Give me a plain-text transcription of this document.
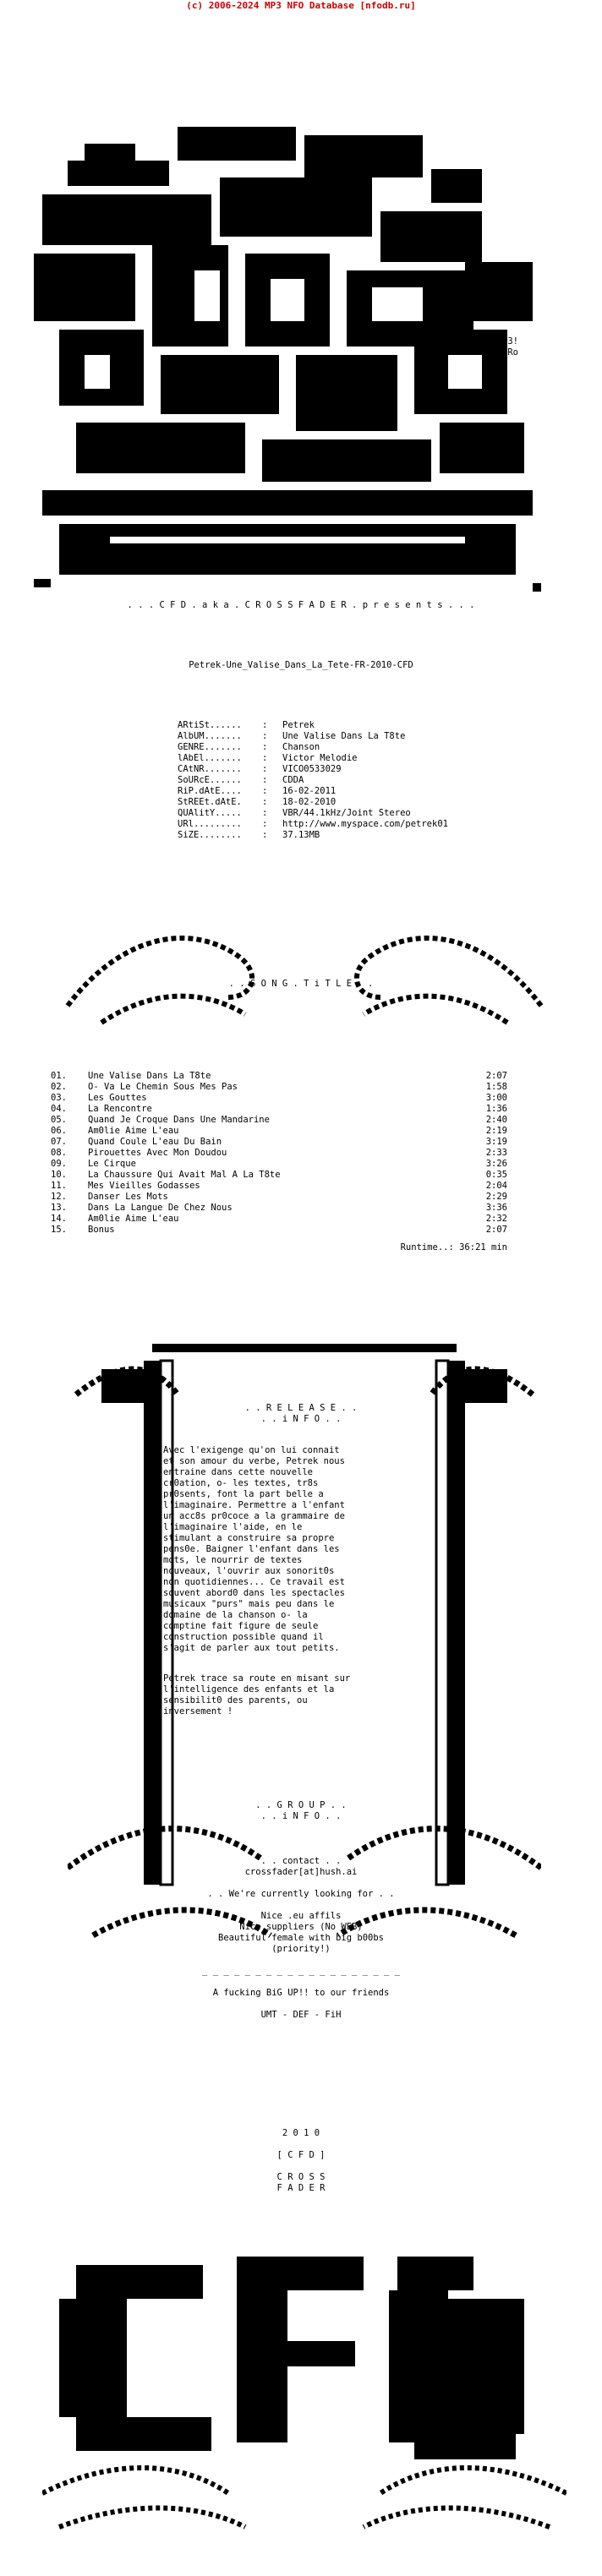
(c) 2006-2024 MP3 NFO Database [nfodb.ru]
f3!
cRo
. . . C F D . a k a . C R O S S F A D E R . p r e s e n t s . . .
Petrek-Une_Valise_Dans_La_Tete-FR-2010-CFD
ARtiSt......	:	Petrek
AlbUM.......	:	Une Valise Dans La T8te
GENRE.......	:	Chanson
lAbEl.......	:	Victor Melodie
CAtNR.......	:	VICO0533029
SoURcE......	:	CDDA
RiP.dAtE....	:	16-02-2011
StREEt.dAtE.	:	18-02-2010
QUAlitY.....	:	VBR/44.1kHz/Joint Stereo
URl.........	:	http://www.myspace.com/petrek01
SiZE........	:	37.13MB
. . S O N G . T i T L E . .
01.	Une Valise Dans La T8te	2:07
02.	O- Va Le Chemin Sous Mes Pas	1:58
03.	Les Gouttes	3:00
04.	La Rencontre	1:36
05.	Quand Je Croque Dans Une Mandarine	2:40
06.	Am0lie Aime L'eau	2:19
07.	Quand Coule L'eau Du Bain	3:19
08.	Pirouettes Avec Mon Doudou	2:33
09.	Le Cirque	3:26
10.	La Chaussure Qui Avait Mal A La T8te	0:35
11.	Mes Vieilles Godasses	2:04
12.	Danser Les Mots	2:29
13.	Dans La Langue De Chez Nous	3:36
14.	Am0lie Aime L'eau	2:32
15.	Bonus	2:07
Runtime..: 36:21 min
. . R E L E A S E . .
. . i N F O . .
Avec l'exigenge qu'on lui connait
et son amour du verbe, Petrek nous
entraine dans cette nouvelle
cr0ation, o- les textes, tr8s
pr0sents, font la part belle a
l'imaginaire. Permettre a l'enfant
un acc8s pr0coce a la grammaire de
l'imaginaire l'aide, en le
stimulant a construire sa propre
pens0e. Baigner l'enfant dans les
mots, le nourrir de textes
nouveaux, l'ouvrir aux sonorit0s
non quotidiennes... Ce travail est
souvent abord0 dans les spectacles
musicaux "purs" mais peu dans le
domaine de la chanson o- la
comptine fait figure de seule
construction possible quand il
s'agit de parler aux tout petits.
Petrek trace sa route en misant sur
l'intelligence des enfants et la
sensibilit0 des parents, ou
inversement !
. . G R O U P . .
. . i N F O . .
. . contact . .
crossfader[at]hush.ai
. . We're currently looking for . .
Nice .eu affils
Nice suppliers (No WEB)
Beautiful female with big b00bs
(priority!)
_ _ _ _ _ _ _ _ _ _ _ _ _ _ _ _ _ _ _
A fucking BiG UP!! to our friends
UMT - DEF - FiH
2 0 1 0
[ C F D ]
C R O S S
F A D E R
aSc
fUH
cRo
